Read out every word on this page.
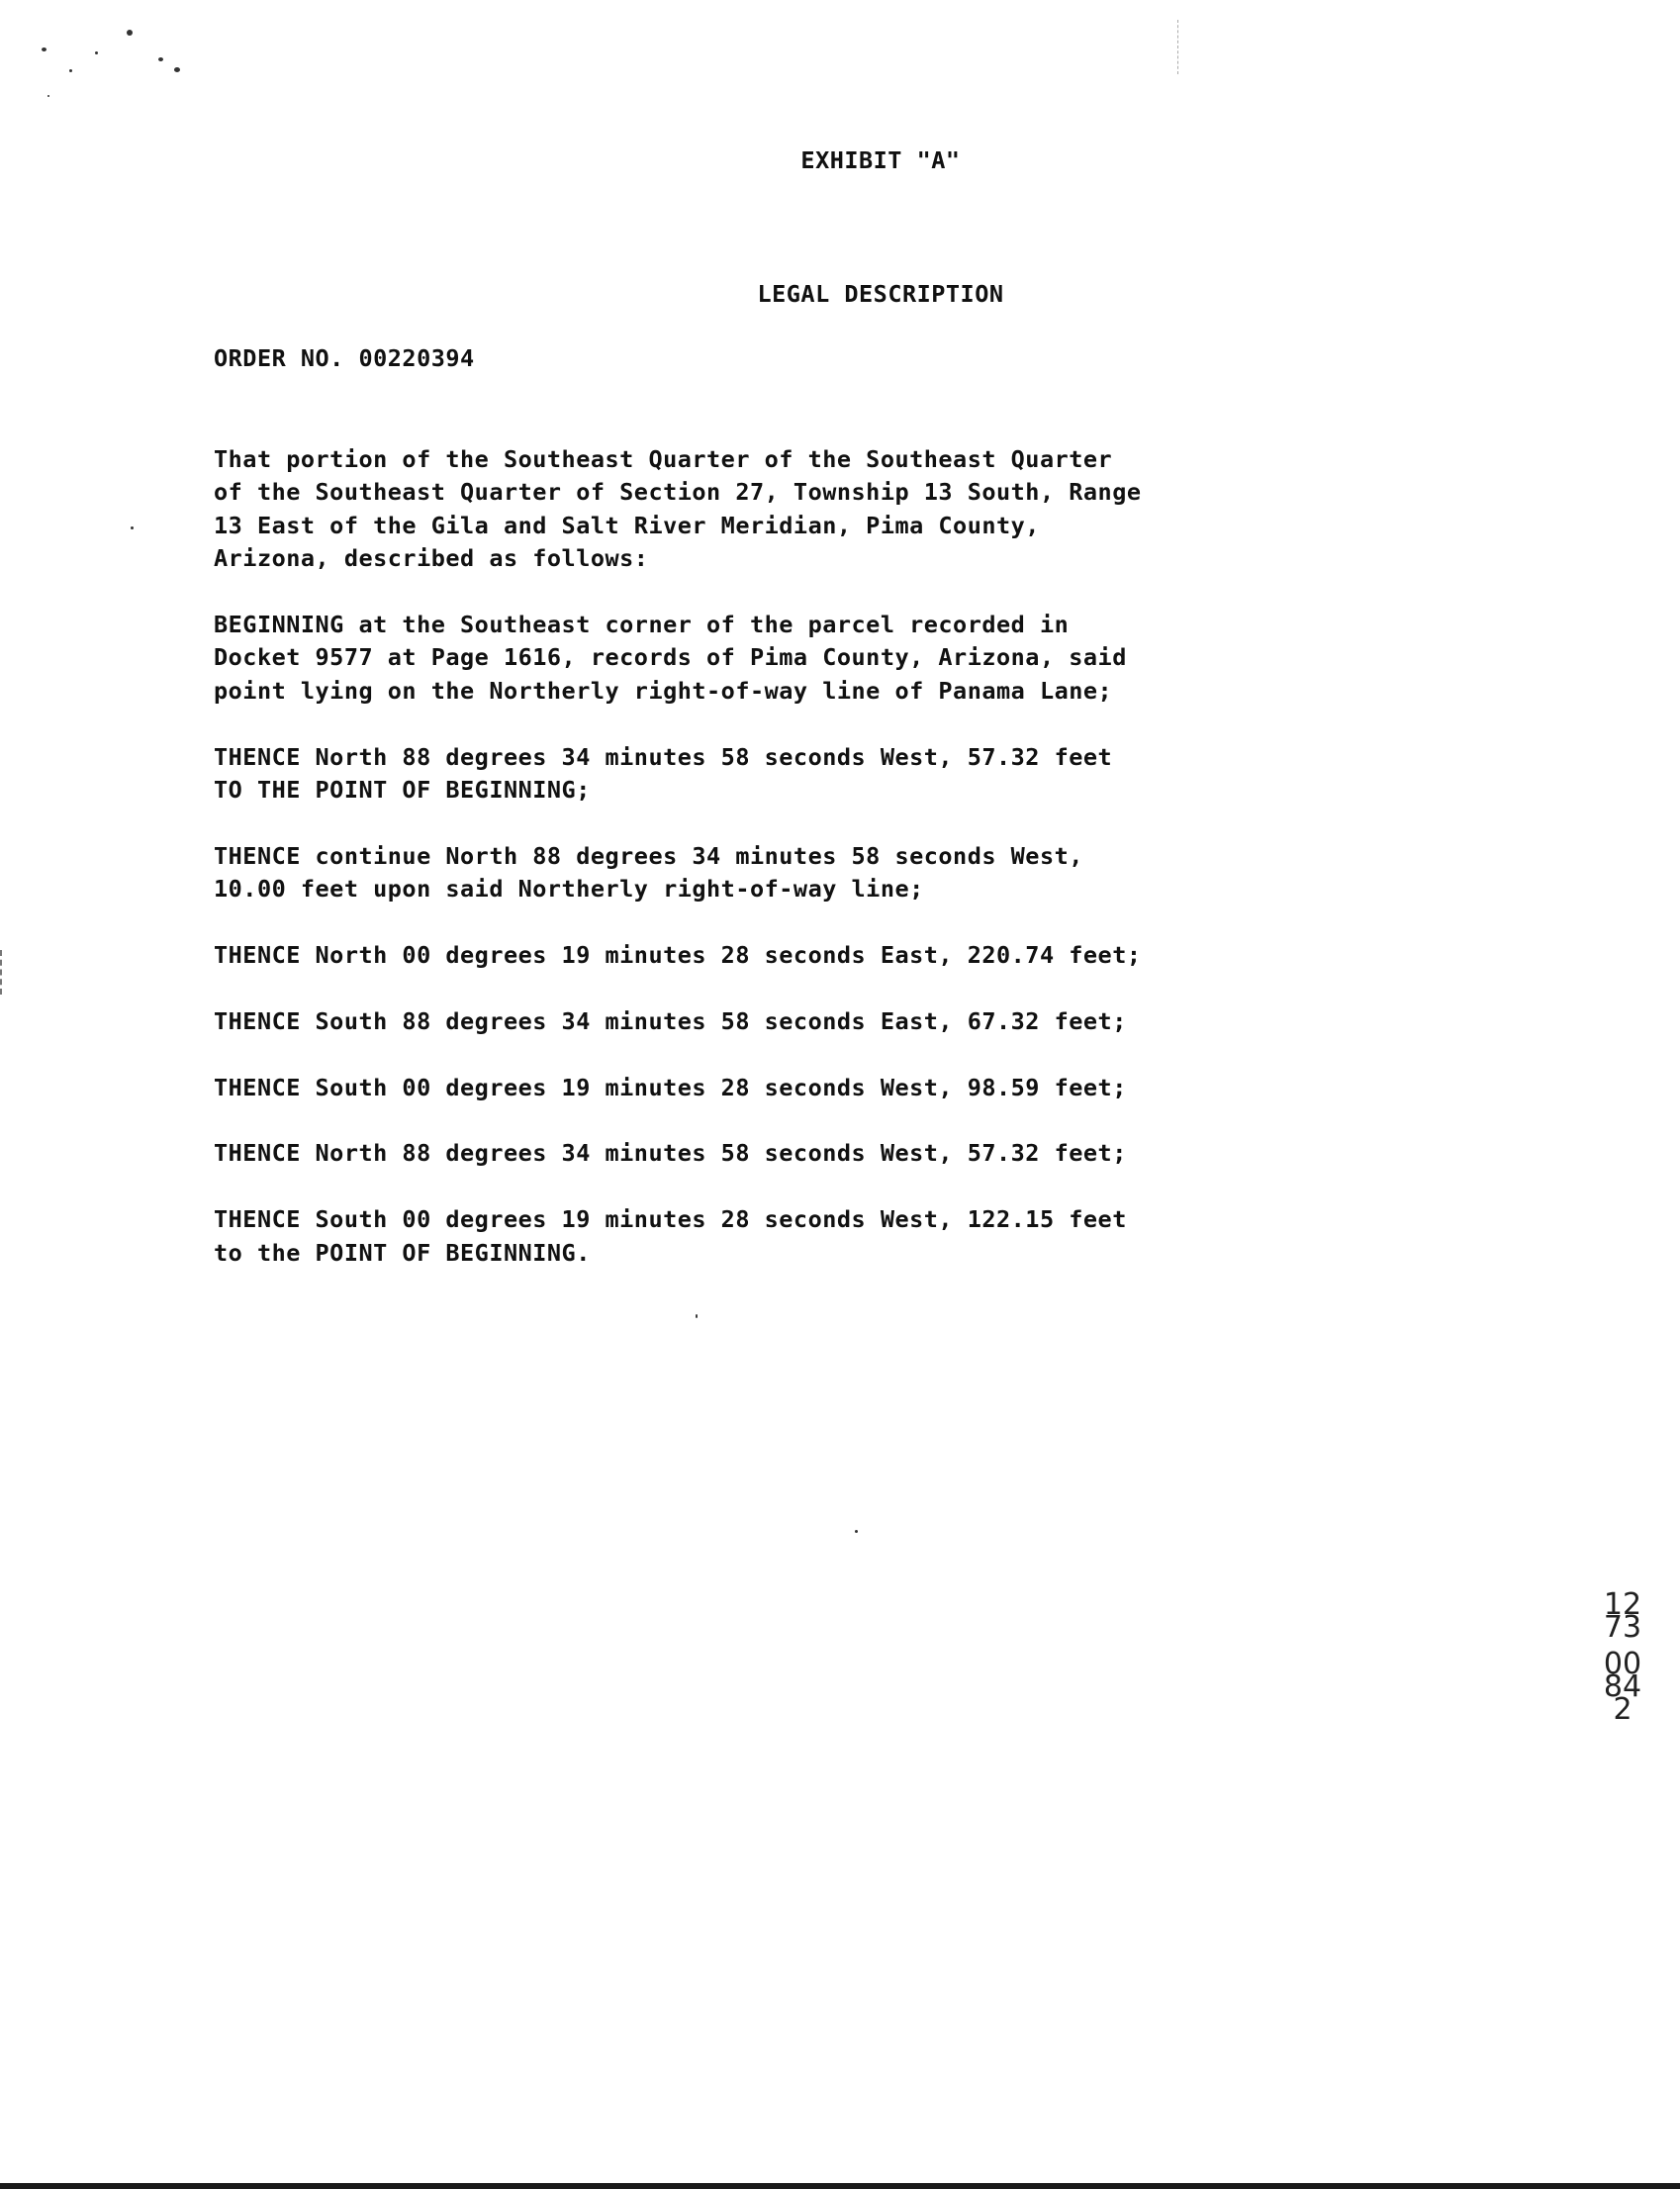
EXHIBIT "A"
LEGAL DESCRIPTION
ORDER NO. 00220394

That portion of the Southeast Quarter of the Southeast Quarter
of the Southeast Quarter of Section 27, Township 13 South, Range
13 East of the Gila and Salt River Meridian, Pima County,
Arizona, described as follows:

BEGINNING at the Southeast corner of the parcel recorded in
Docket 9577 at Page 1616, records of Pima County, Arizona, said
point lying on the Northerly right-of-way line of Panama Lane;

THENCE North 88 degrees 34 minutes 58 seconds West, 57.32 feet
TO THE POINT OF BEGINNING;

THENCE continue North 88 degrees 34 minutes 58 seconds West,
10.00 feet upon said Northerly right-of-way line;

THENCE North 00 degrees 19 minutes 28 seconds East, 220.74 feet;

THENCE South 88 degrees 34 minutes 58 seconds East, 67.32 feet;

THENCE South 00 degrees 19 minutes 28 seconds West, 98.59 feet;

THENCE North 88 degrees 34 minutes 58 seconds West, 57.32 feet;

THENCE South 00 degrees 19 minutes 28 seconds West, 122.15 feet
to the POINT OF BEGINNING.

1273
00842
